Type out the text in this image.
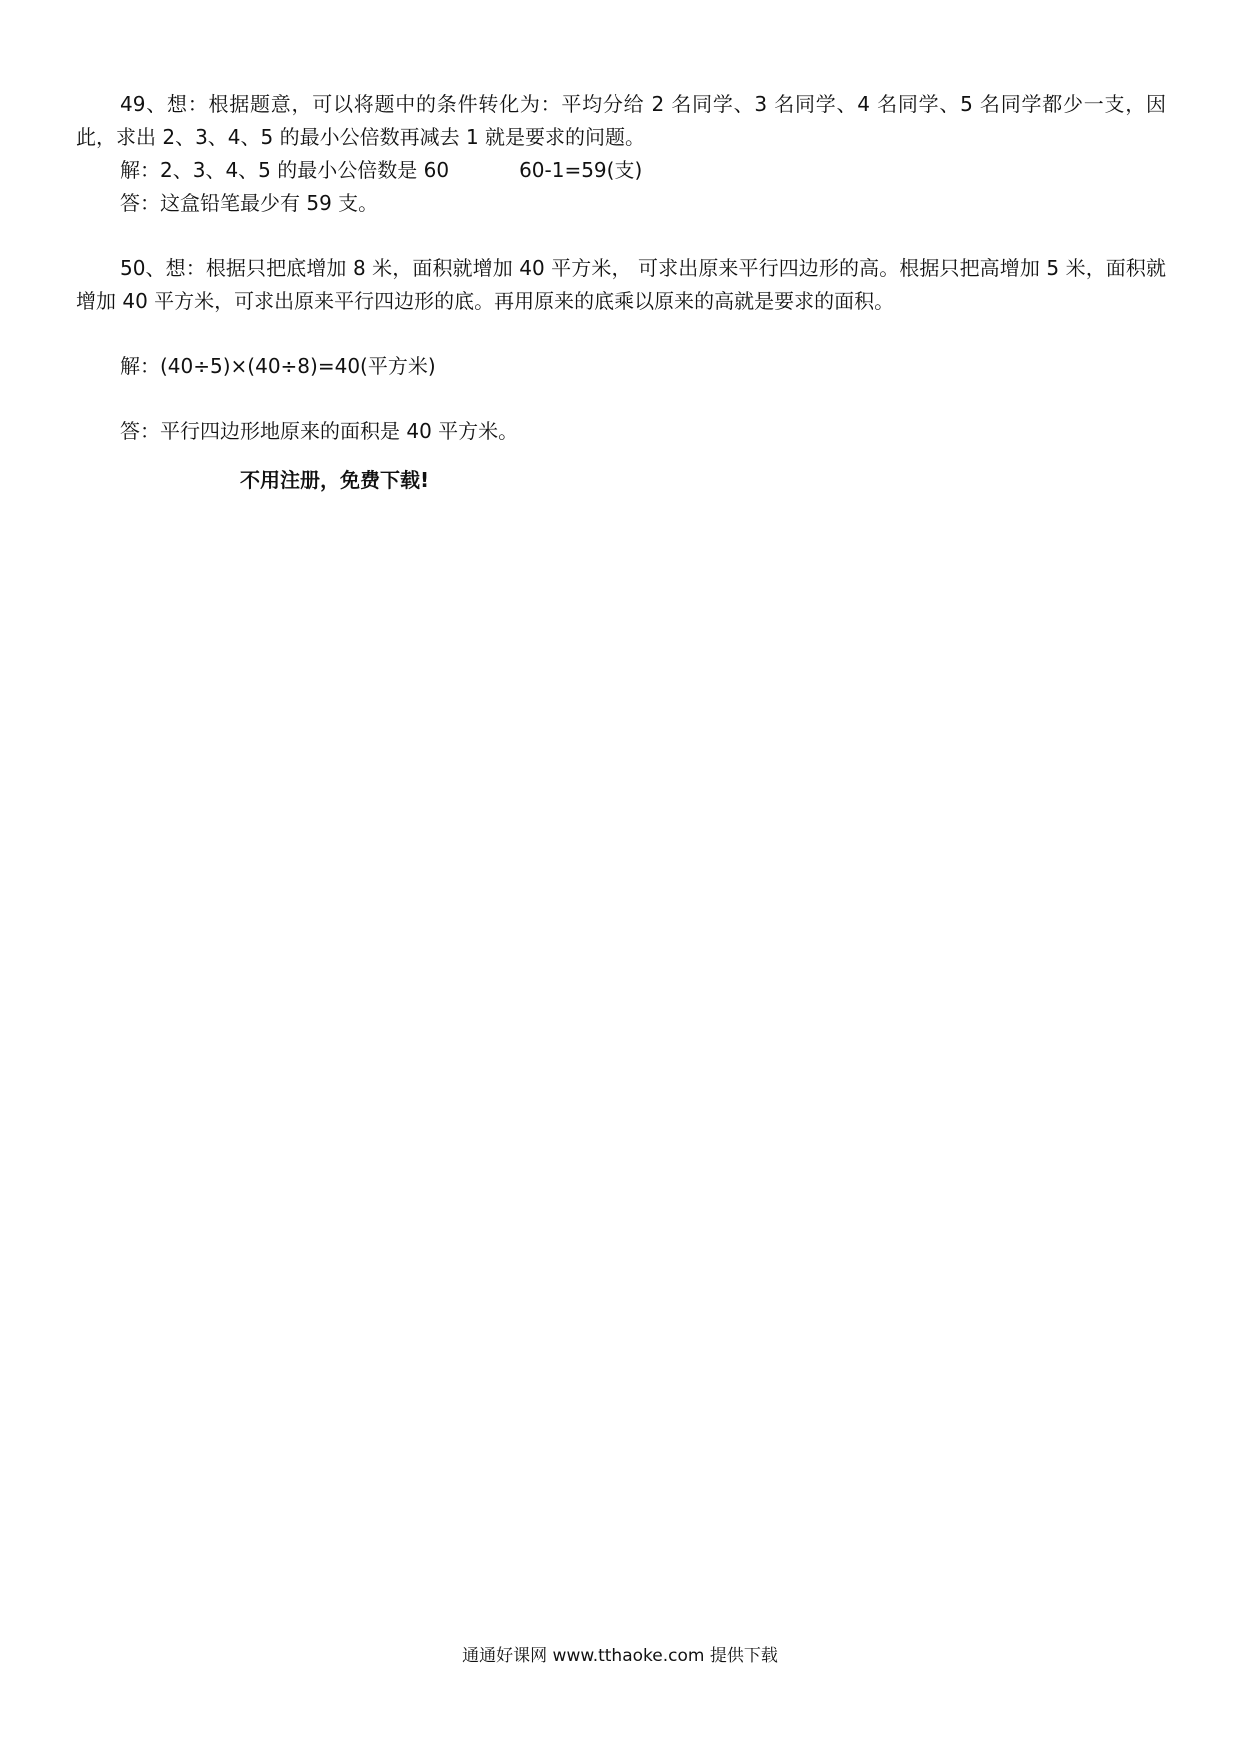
49、想：根据题意，可以将题中的条件转化为：平均分给 2 名同学、3 名同学、4 名同学、5 名同学都少一支，因此，求出 2、3、4、5 的最小公倍数再减去 1 就是要求的问题。
解：2、3、4、5 的最小公倍数是 60	60-1=59(支)
答：这盒铅笔最少有 59 支。
50、想：根据只把底增加 8 米，面积就增加 40 平方米， 可求出原来平行四边形的高。根据只把高增加 5 米，面积就增加 40 平方米，可求出原来平行四边形的底。再用原来的底乘以原来的高就是要求的面积。
解：(40÷5)×(40÷8)=40(平方米)
答：平行四边形地原来的面积是 40 平方米。
不用注册，免费下载!
通通好课网 www.tthaoke.com 提供下载
